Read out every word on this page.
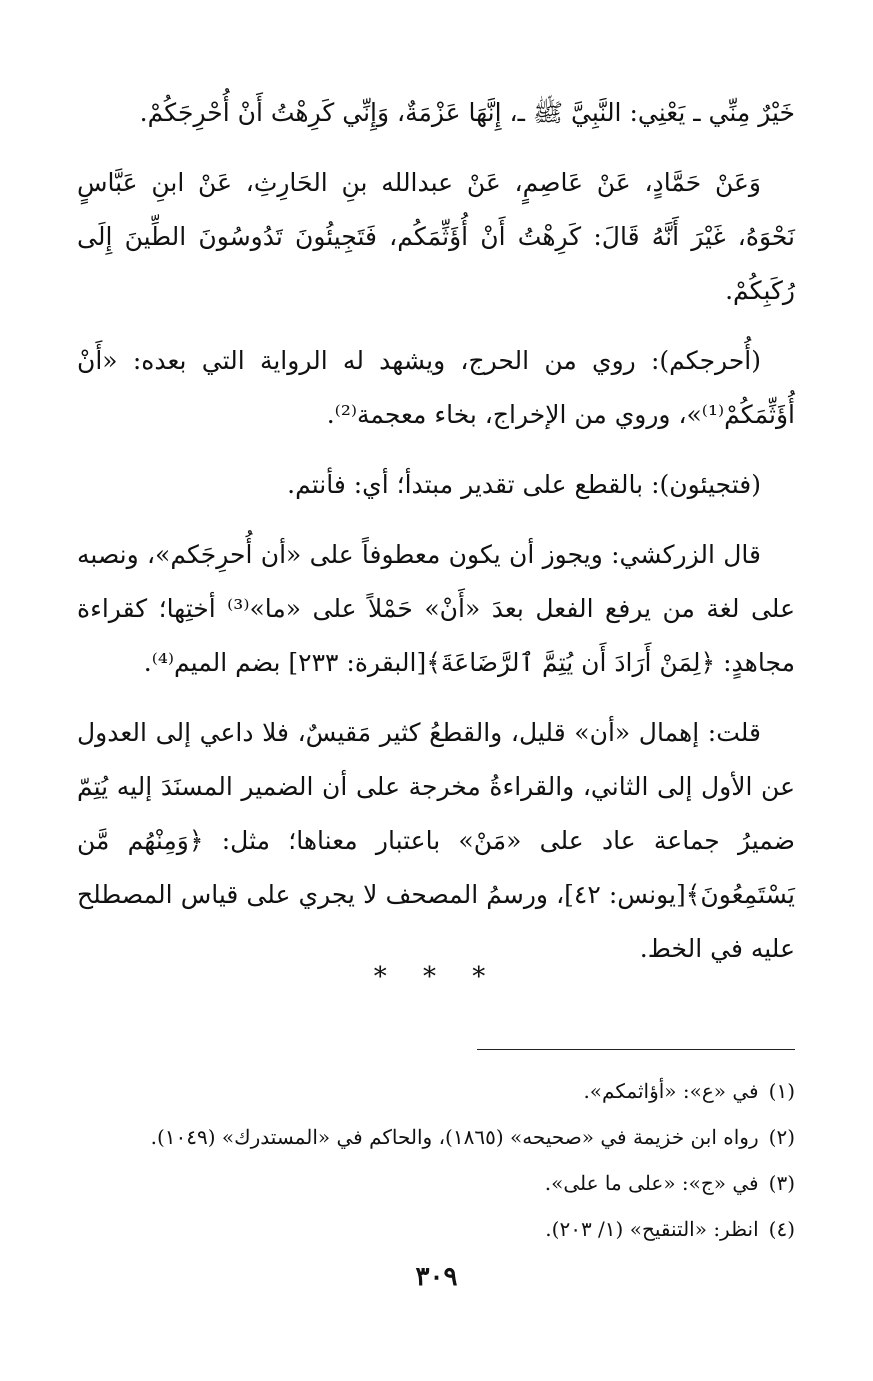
خَيْرٌ مِنِّي ـ يَعْنِي: النَّبِيَّ ﷺ ـ، إِنَّهَا عَزْمَةٌ، وَإِنِّي كَرِهْتُ أَنْ أُحْرِجَكُمْ.

وَعَنْ حَمَّادٍ، عَنْ عَاصِمٍ، عَنْ عبدالله بنِ الحَارِثِ، عَنْ ابنِ عَبَّاسٍ نَحْوَهُ، غَيْرَ أَنَّهُ قَالَ: كَرِهْتُ أَنْ أُؤَثِّمَكُم، فَتَجِيئُونَ تَدُوسُونَ الطِّينَ إِلَى رُكَبِكُمْ.

(أُحرجكم): روي من الحرج، ويشهد له الرواية التي بعده: «أَنْ أُؤَثِّمَكُمْ⁽¹⁾»، وروي من الإخراج، بخاء معجمة⁽²⁾.

(فتجيئون): بالقطع على تقدير مبتدأ؛ أي: فأنتم.

قال الزركشي: ويجوز أن يكون معطوفاً على «أن أُحرِجَكم»، ونصبه على لغة من يرفع الفعل بعدَ «أَنْ» حَمْلاً على «ما»⁽³⁾ أختِها؛ كقراءة مجاهدٍ: ﴿لِمَنْ أَرَادَ أَن يُتِمَّ ٱلرَّضَاعَةَ﴾[البقرة: ٢٣٣] بضم الميم⁽⁴⁾.

قلت: إهمال «أن» قليل، والقطعُ كثير مَقيسٌ، فلا داعي إلى العدول عن الأول إلى الثاني، والقراءةُ مخرجة على أن الضمير المسنَدَ إليه يُتِمّ ضميرُ جماعة عاد على «مَنْ» باعتبار معناها؛ مثل: ﴿وَمِنْهُم مَّن يَسْتَمِعُونَ﴾[يونس: ٤٢]، ورسمُ المصحف لا يجري على قياس المصطلح عليه في الخط.

* * *
(١)
في «ع»: «أؤاثمكم».
(٢)
رواه ابن خزيمة في «صحيحه» (١٨٦٥)، والحاكم في «المستدرك» (١٠٤٩).
(٣)
في «ج»: «على ما على».
(٤)
انظر: «التنقيح» (١/ ٢٠٣).
٣٠٩
